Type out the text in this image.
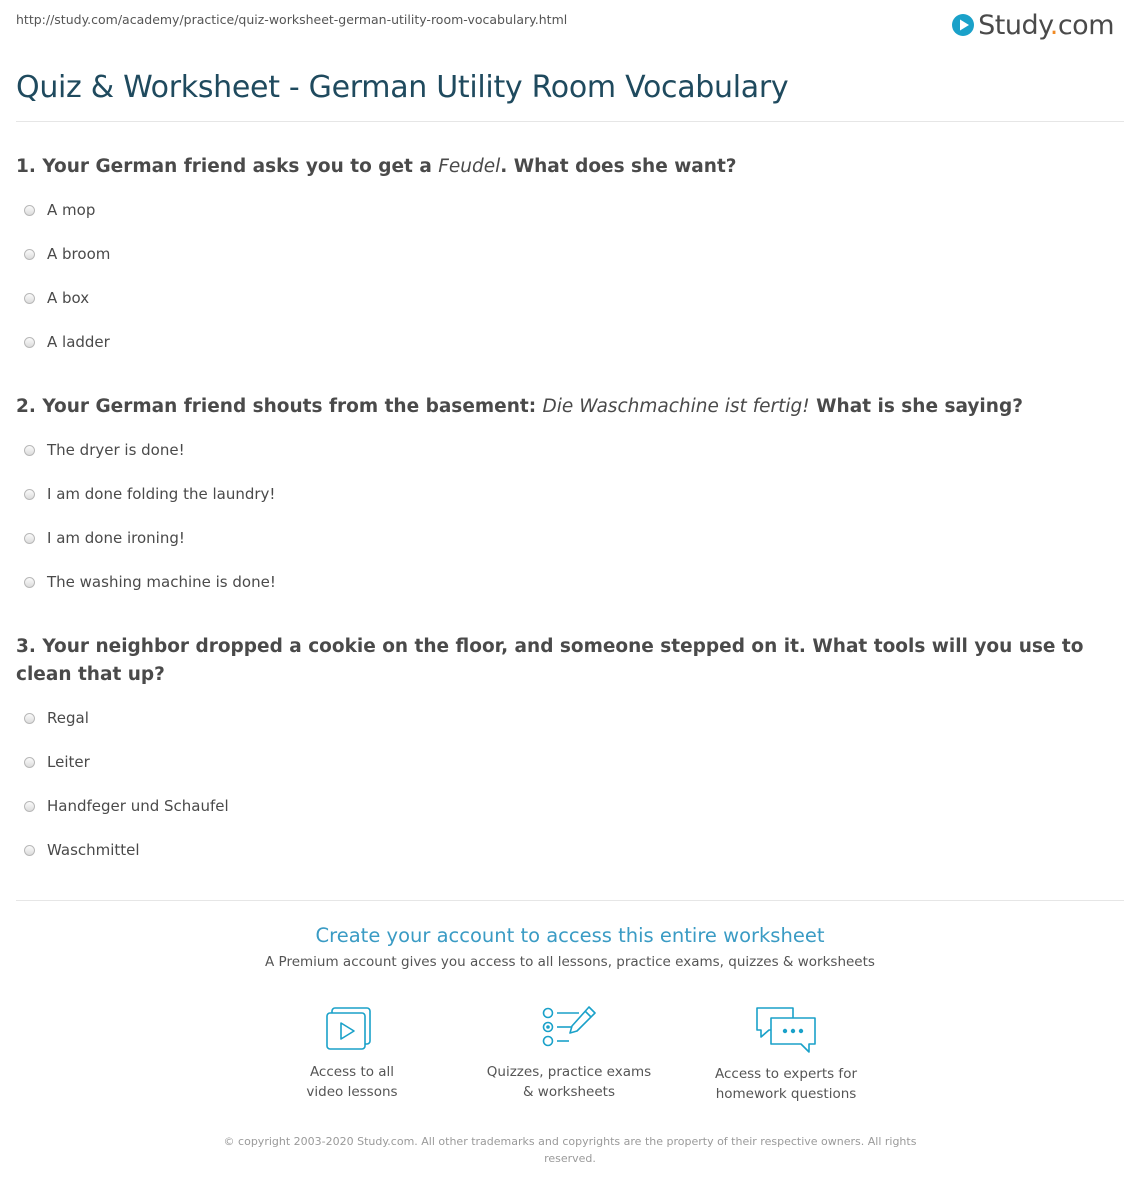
http://study.com/academy/practice/quiz-worksheet-german-utility-room-vocabulary.html	Study.com
Quiz & Worksheet - German Utility Room Vocabulary

1. Your German friend asks you to get a Feudel. What does she want?

A mop
A broom
A box
A ladder

2. Your German friend shouts from the basement: Die Waschmachine ist fertig! What is she saying?

The dryer is done!
I am done folding the laundry!
I am done ironing!
The washing machine is done!

3. Your neighbor dropped a cookie on the floor, and someone stepped on it. What tools will you use to clean that up?

Regal
Leiter
Handfeger und Schaufel
Waschmittel
Create your account to access this entire worksheet
A Premium account gives you access to all lessons, practice exams, quizzes & worksheets
Access to all
video lessons
Quizzes, practice exams
& worksheets
Access to experts for
homework questions
© copyright 2003-2020 Study.com. All other trademarks and copyrights are the property of their respective owners. All rights reserved.
